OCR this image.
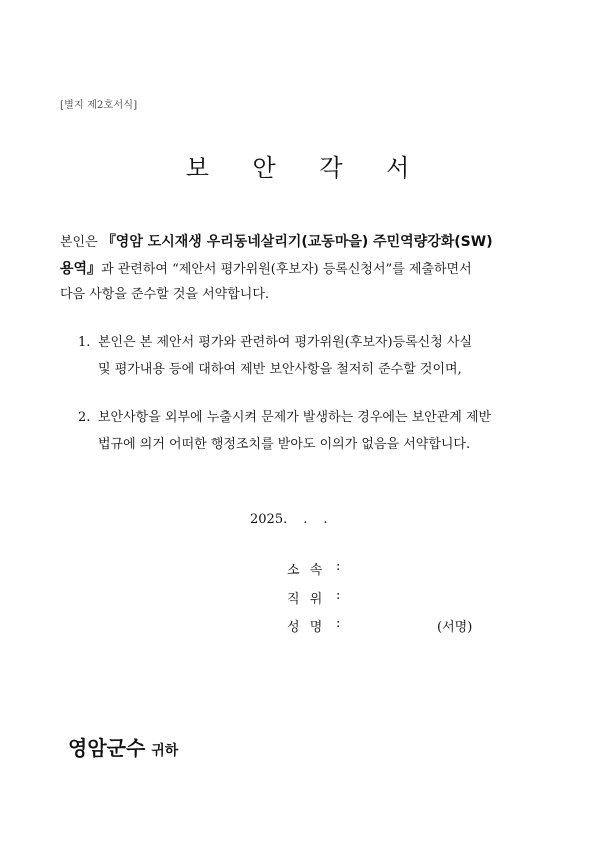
[별지 제2호서식]
보 안 각 서
본인은 『영암 도시재생 우리동네살리기(교동마을) 주민역량강화(SW)
용역』과 관련하여 “제안서 평가위원(후보자) 등록신청서”를 제출하면서
다음 사항을 준수할 것을 서약합니다.
1. 본인은 본 제안서 평가와 관련하여 평가위원(후보자)등록신청 사실
및 평가내용 등에 대하여 제반 보안사항을 철저히 준수할 것이며,
2. 보안사항을 외부에 누출시켜 문제가 발생하는 경우에는 보안관계 제반
법규에 의거 어떠한 행정조치를 받아도 이의가 없음을 서약합니다.
2025. . .
소 속 :
직 위 :
성 명 :	(서명)
영암군수 귀하
